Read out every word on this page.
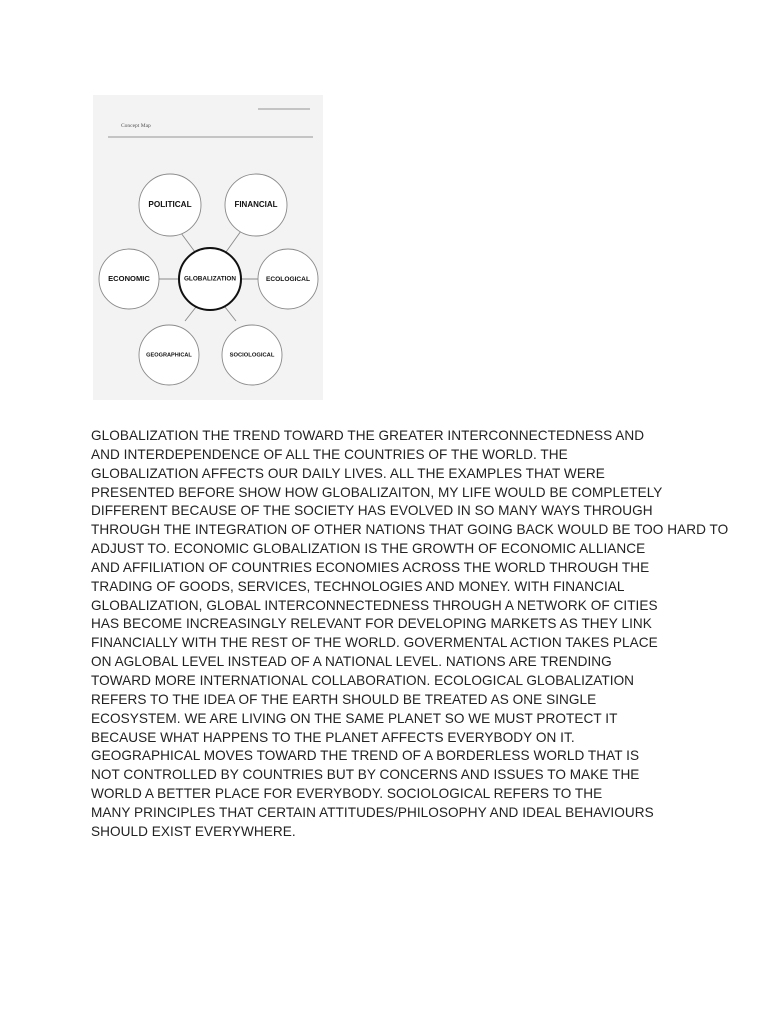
Concept Map
POLITICAL	FINANCIAL
ECONOMIC	ECOLOGICAL
GEOGRAPHICAL	SOCIOLOGICAL
GLOBALIZATION

GLOBALIZATION THE TREND TOWARD THE GREATER INTERCONNECTEDNESS AND
AND INTERDEPENDENCE OF ALL THE COUNTRIES OF THE WORLD. THE
GLOBALIZATION AFFECTS OUR DAILY LIVES. ALL THE EXAMPLES THAT WERE
PRESENTED BEFORE SHOW HOW GLOBALIZAITON, MY LIFE WOULD BE COMPLETELY
DIFFERENT BECAUSE OF THE SOCIETY HAS EVOLVED IN SO MANY WAYS THROUGH
THROUGH THE INTEGRATION OF OTHER NATIONS THAT GOING BACK WOULD BE TOO HARD TO
ADJUST TO. ECONOMIC GLOBALIZATION IS THE GROWTH OF ECONOMIC ALLIANCE
AND AFFILIATION OF COUNTRIES ECONOMIES ACROSS THE WORLD THROUGH THE
TRADING OF GOODS, SERVICES, TECHNOLOGIES AND MONEY. WITH FINANCIAL
GLOBALIZATION, GLOBAL INTERCONNECTEDNESS THROUGH A NETWORK OF CITIES
HAS BECOME INCREASINGLY RELEVANT FOR DEVELOPING MARKETS AS THEY LINK
FINANCIALLY WITH THE REST OF THE WORLD. GOVERMENTAL ACTION TAKES PLACE
ON AGLOBAL LEVEL INSTEAD OF A NATIONAL LEVEL. NATIONS ARE TRENDING
TOWARD MORE INTERNATIONAL COLLABORATION. ECOLOGICAL GLOBALIZATION
REFERS TO THE IDEA OF THE EARTH SHOULD BE TREATED AS ONE SINGLE
ECOSYSTEM. WE ARE LIVING ON THE SAME PLANET SO WE MUST PROTECT IT
BECAUSE WHAT HAPPENS TO THE PLANET AFFECTS EVERYBODY ON IT.
GEOGRAPHICAL MOVES TOWARD THE TREND OF A BORDERLESS WORLD THAT IS
NOT CONTROLLED BY COUNTRIES BUT BY CONCERNS AND ISSUES TO MAKE THE
WORLD A BETTER PLACE FOR EVERYBODY. SOCIOLOGICAL REFERS TO THE
MANY PRINCIPLES THAT CERTAIN ATTITUDES/PHILOSOPHY AND IDEAL BEHAVIOURS
SHOULD EXIST EVERYWHERE.
